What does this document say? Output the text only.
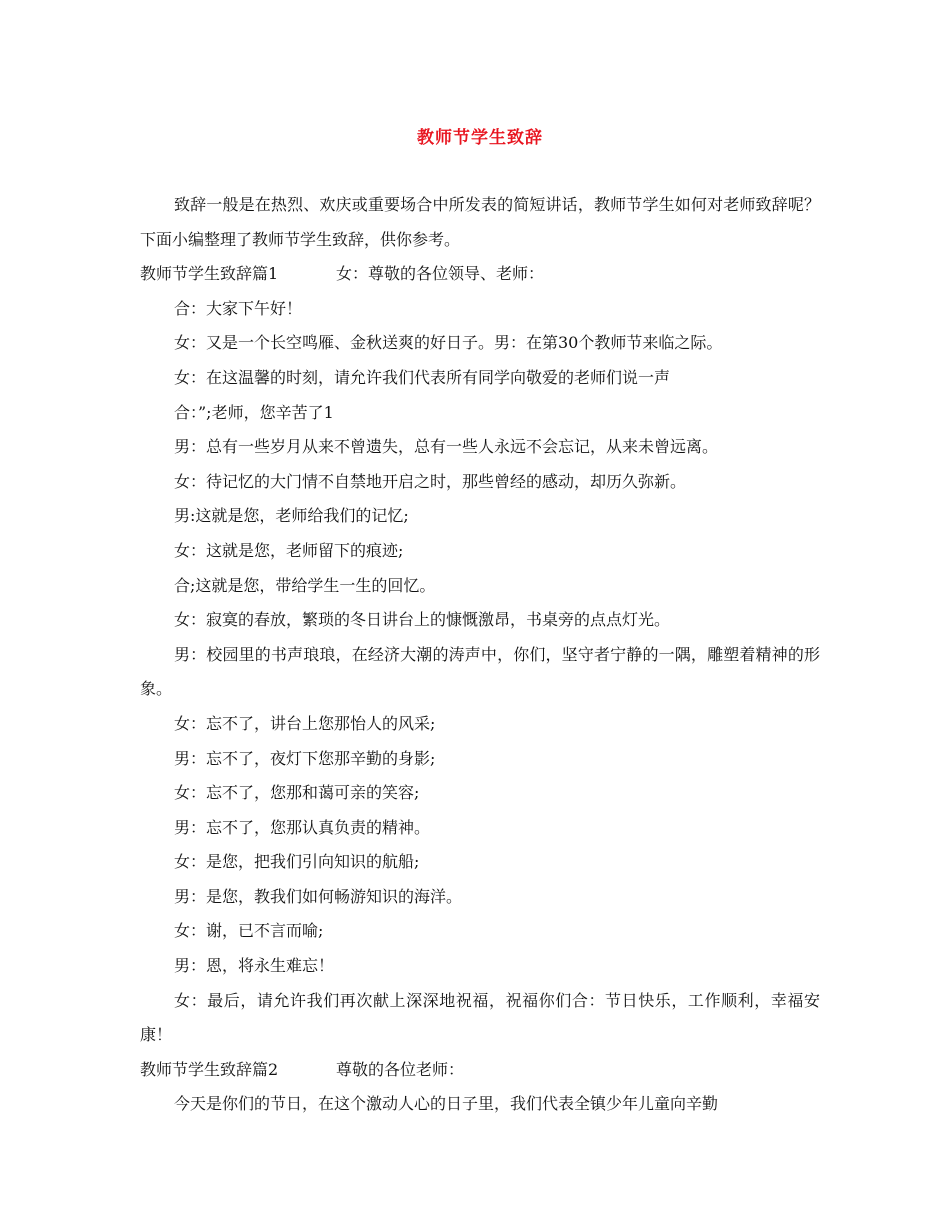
教师节学生致辞

致辞一般是在热烈、欢庆或重要场合中所发表的简短讲话，教师节学生如何对老师致辞呢？下面小编整理了教师节学生致辞，供你参考。

教师节学生致辞篇1	女：尊敬的各位领导、老师：

合：大家下午好！

女：又是一个长空鸣雁、金秋送爽的好日子。男：在第30个教师节来临之际。

女：在这温馨的时刻，请允许我们代表所有同学向敬爱的老师们说一声

合：”;老师，您辛苦了1

男：总有一些岁月从来不曾遗失，总有一些人永远不会忘记，从来未曾远离。

女：待记忆的大门情不自禁地开启之时，那些曾经的感动，却历久弥新。

男:这就是您，老师给我们的记忆;

女：这就是您，老师留下的痕迹;

合;这就是您，带给学生一生的回忆。

女：寂寞的春放，繁琐的冬日讲台上的慷慨激昂，书桌旁的点点灯光。

男：校园里的书声琅琅，在经济大潮的涛声中，你们，坚守者宁静的一隅，雕塑着精神的形象。

女：忘不了，讲台上您那怡人的风采;

男：忘不了，夜灯下您那辛勤的身影;

女：忘不了，您那和蔼可亲的笑容;

男：忘不了，您那认真负责的精神。

女：是您，把我们引向知识的航船;

男：是您，教我们如何畅游知识的海洋。

女：谢，已不言而喻;

男：恩，将永生难忘！

女：最后，请允许我们再次献上深深地祝福，祝福你们合：节日快乐，工作顺利，幸福安康！

教师节学生致辞篇2	尊敬的各位老师：

今天是你们的节日，在这个激动人心的日子里，我们代表全镇少年儿童向辛勤
